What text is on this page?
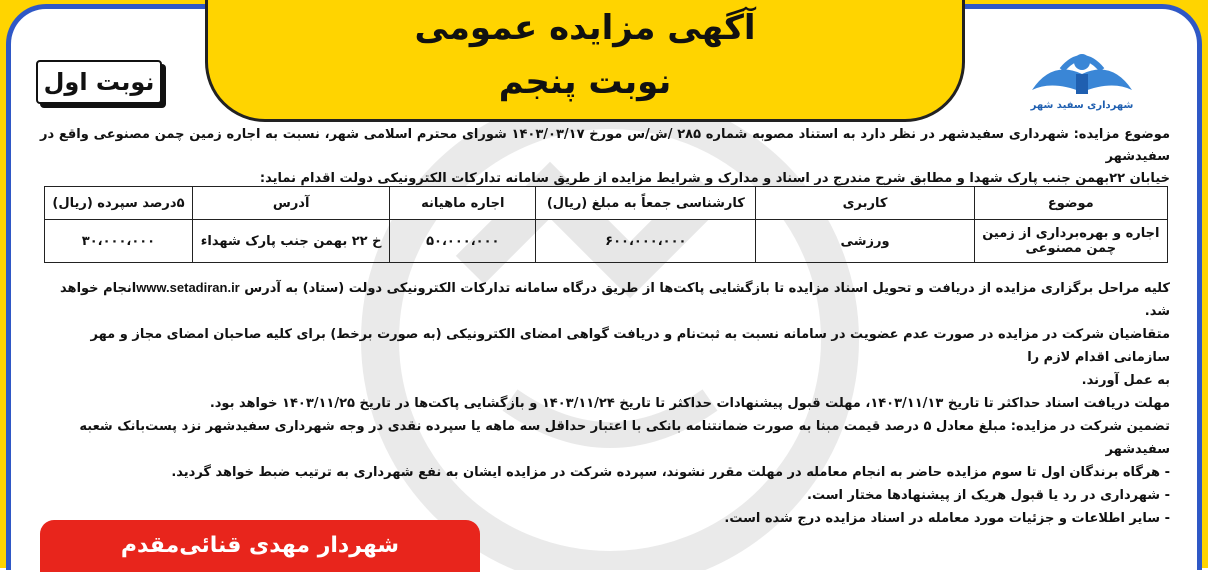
آگهی مزایده عمومی
نوبت پنجم
نوبت اول
شهرداری سفید شهر

موضوع مزایده: شهرداری سفیدشهر در نظر دارد به استناد مصوبه شماره ۲۸۵ /ش/س مورخ ۱۴۰۳/۰۳/۱۷ شورای محترم اسلامی شهر، نسبت به اجاره زمین چمن مصنوعی واقع در سفیدشهر

خیابان ۲۲بهمن جنب پارک شهدا و مطابق شرح مندرج در اسناد و مدارک و شرایط مزایده از طریق سامانه تدارکات الکترونیکی دولت اقدام نماید:

موضوع	کاربری	کارشناسی جمعاً به مبلغ (ریال)	اجاره ماهیانه	آدرس	۵درصد سپرده (ریال)
اجاره و بهره‌برداری از زمین چمن مصنوعی	ورزشی	۶۰۰،۰۰۰،۰۰۰	۵۰،۰۰۰،۰۰۰	خ ۲۲ بهمن جنب پارک شهداء	۳۰،۰۰۰،۰۰۰

کلیه مراحل برگزاری مزایده از دریافت و تحویل اسناد مزایده تا بازگشایی پاکت‌ها از طریق درگاه سامانه تدارکات الکترونیکی دولت (ستاد) به آدرس www.setadiran.irانجام خواهد شد.

متقاضیان شرکت در مزایده در صورت عدم عضویت در سامانه نسبت به ثبت‌نام و دریافت گواهی امضای الکترونیکی (به صورت برخط) برای کلیه صاحبان امضای مجاز و مهر سازمانی اقدام لازم را

به عمل آورند.

مهلت دریافت اسناد حداکثر تا تاریخ ۱۴۰۳/۱۱/۱۳، مهلت قبول پیشنهادات حداکثر تا تاریخ ۱۴۰۳/۱۱/۲۴ و بازگشایی پاکت‌ها در تاریخ ۱۴۰۳/۱۱/۲۵ خواهد بود.

تضمین شرکت در مزایده: مبلغ معادل ۵ درصد قیمت مبنا به صورت ضمانتنامه بانکی با اعتبار حداقل سه ماهه یا سپرده نقدی در وجه شهرداری سفیدشهر نزد پست‌بانک شعبه سفیدشهر

- هرگاه برندگان اول تا سوم مزایده حاضر به انجام معامله در مهلت مقرر نشوند، سپرده شرکت در مزایده ایشان به نفع شهرداری به ترتیب ضبط خواهد گردید.

- شهرداری در رد یا قبول هریک از پیشنهادها مختار است.

- سایر اطلاعات و جزئیات مورد معامله در اسناد مزایده درج شده است.

شهردار مهدی قنائی‌مقدم
